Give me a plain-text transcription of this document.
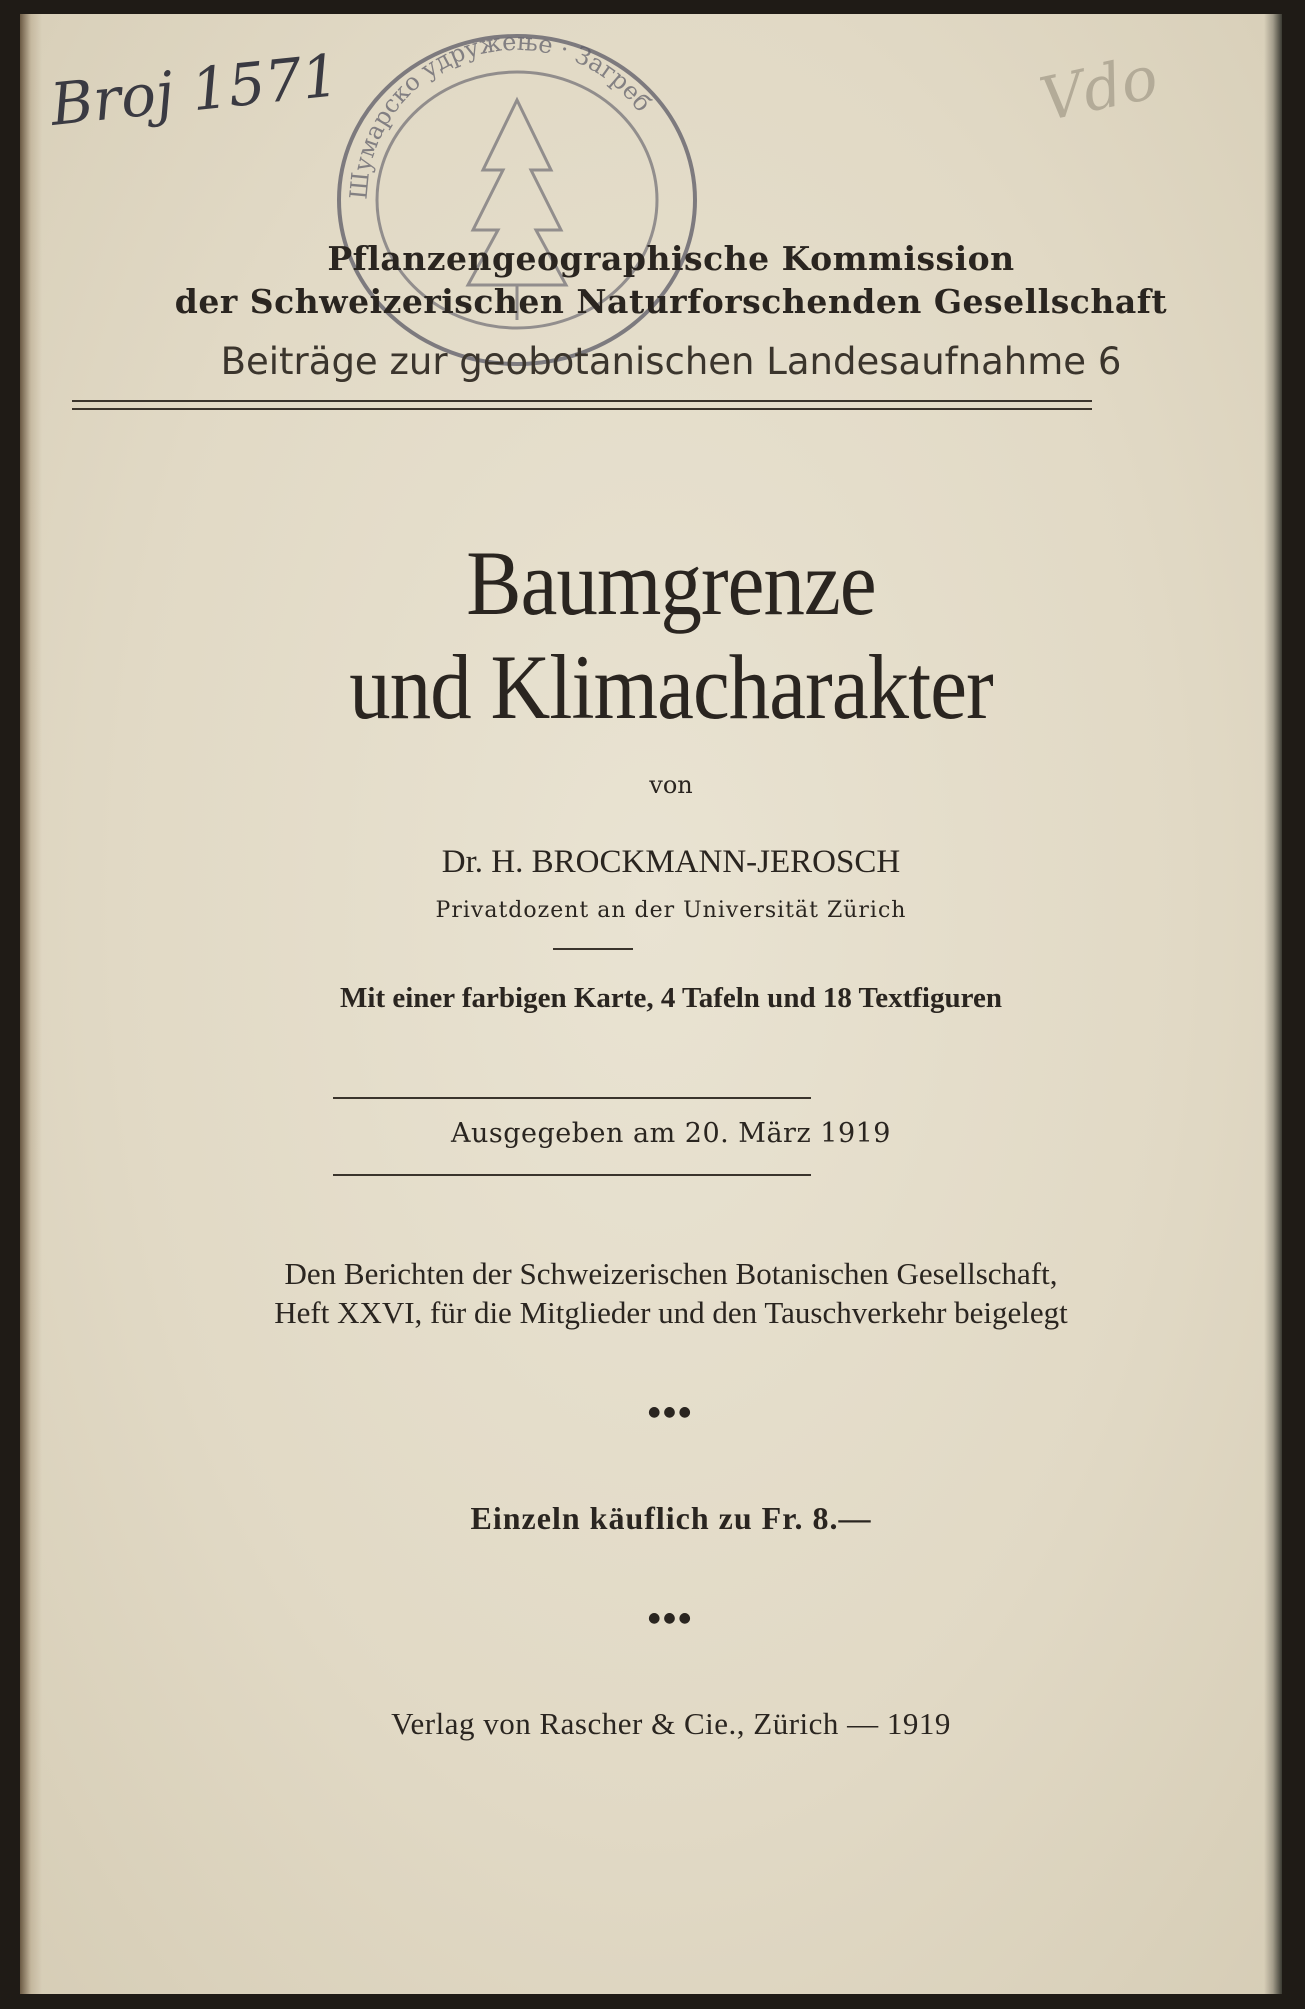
Broj 1571	Vdo
Шумарско удружење · Загреб
Pflanzengeographische Kommission
der Schweizerischen Naturforschenden Gesellschaft
Beiträge zur geobotanischen Landesaufnahme 6
Baumgrenze
und Klimacharakter
von
Dr. H. BROCKMANN-JEROSCH
Privatdozent an der Universität Zürich
Mit einer farbigen Karte, 4 Tafeln und 18 Textfiguren
Ausgegeben am 20. März 1919
Den Berichten der Schweizerischen Botanischen Gesellschaft,
Heft XXVI, für die Mitglieder und den Tauschverkehr beigelegt
●●●
Einzeln käuflich zu Fr. 8.—
●●●
Verlag von Rascher & Cie., Zürich — 1919
